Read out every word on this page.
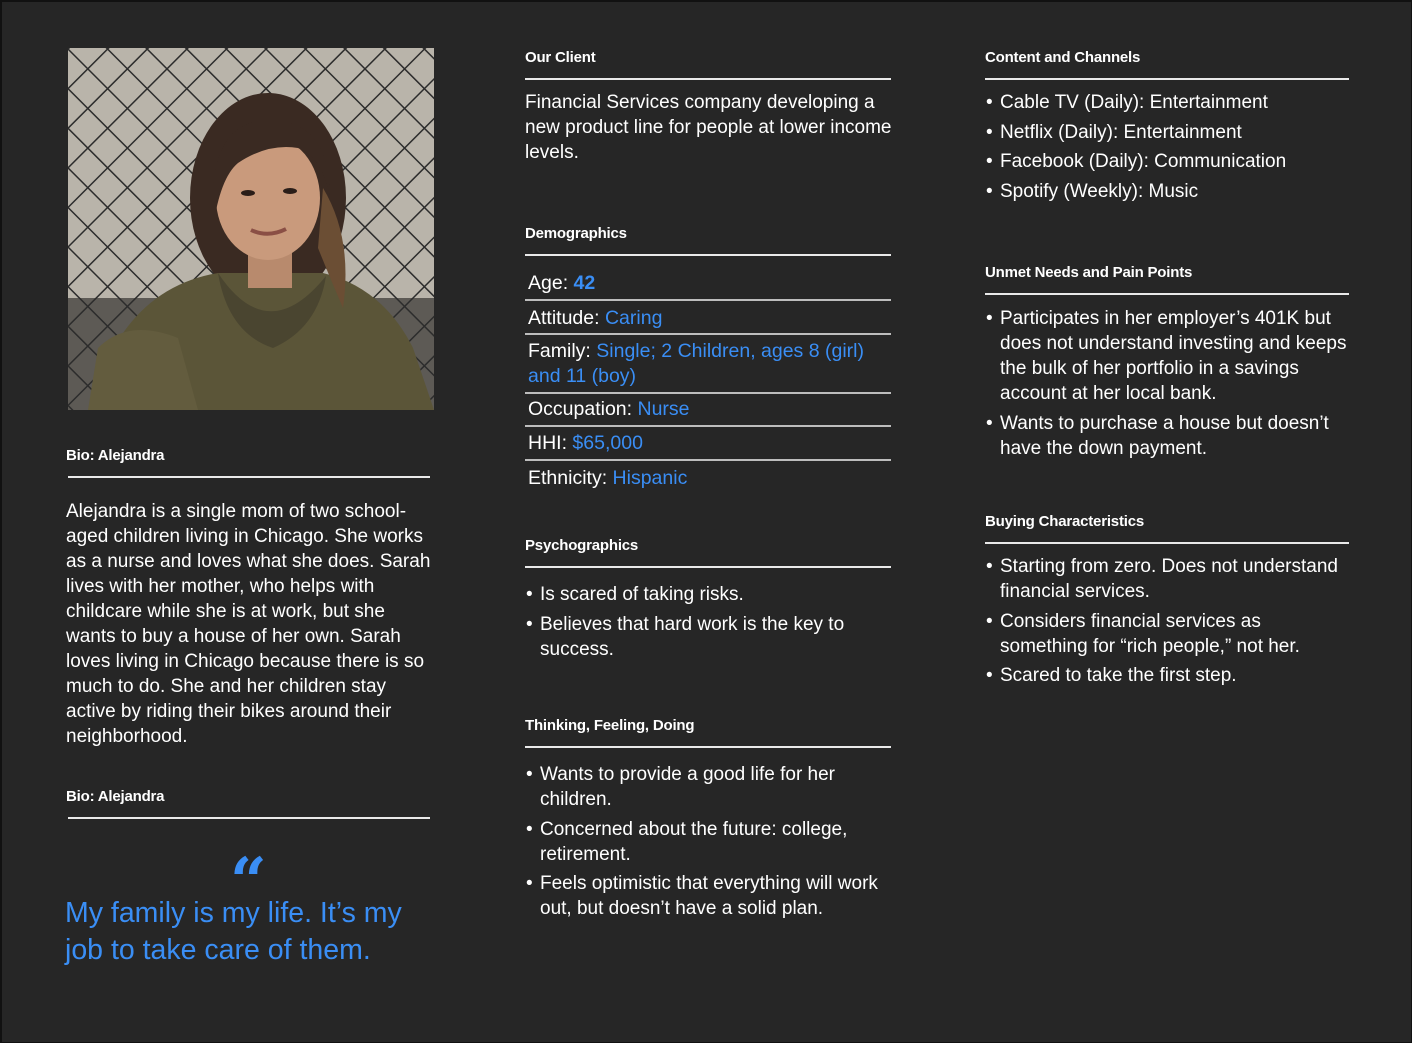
Bio: Alejandra
Alejandra is a single mom of two school-aged children living in Chicago. She works as a nurse and loves what she does. Sarah lives with her mother, who helps with childcare while she is at work, but she wants to buy a house of her own. Sarah loves living in Chicago because there is so much to do. She and her children stay active by riding their bikes around their neighborhood.
Bio: Alejandra
“
My family is my life. It’s my job to take care of them.
Our Client
Financial Services company developing a new product line for people at lower income levels.
Demographics
Age: 42
Attitude: Caring
Family: Single; 2 Children, ages 8 (girl) and 11 (boy)
Occupation: Nurse
HHI: $65,000
Ethnicity: Hispanic
Psychographics
• Is scared of taking risks.
• Believes that hard work is the key to success.
Thinking, Feeling, Doing
• Wants to provide a good life for her children.
• Concerned about the future: college, retirement.
• Feels optimistic that everything will work out, but doesn’t have a solid plan.
Content and Channels
• Cable TV (Daily): Entertainment
• Netflix (Daily): Entertainment
• Facebook (Daily): Communication
• Spotify (Weekly): Music
Unmet Needs and Pain Points
• Participates in her employer’s 401K but does not understand investing and keeps the bulk of her portfolio in a savings account at her local bank.
• Wants to purchase a house but doesn’t have the down payment.
Buying Characteristics
• Starting from zero. Does not understand financial services.
• Considers financial services as something for “rich people,” not her.
• Scared to take the first step.
